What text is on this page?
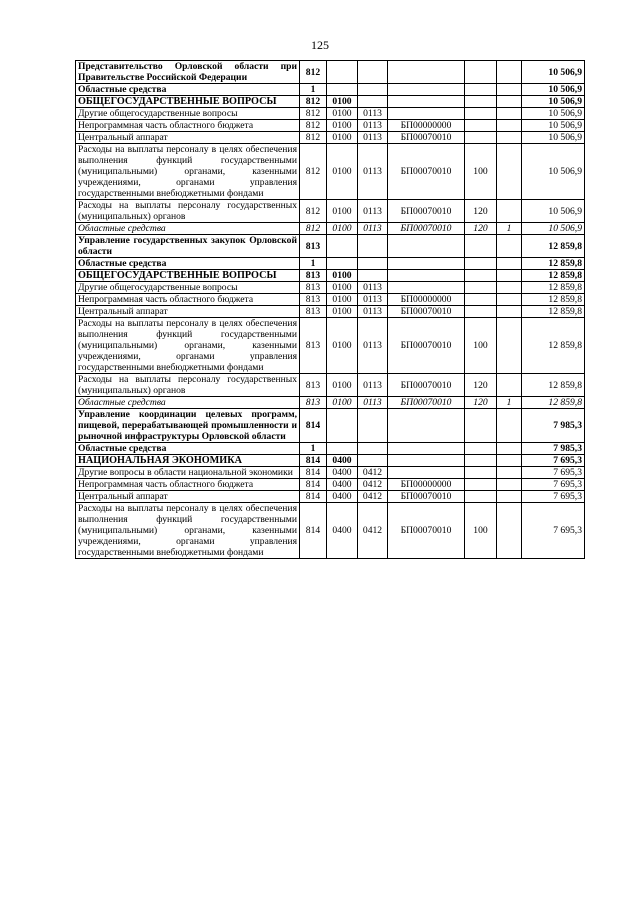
125
Представительство Орловской области при Правительстве Российской Федерации	812						10 506,9
Областные средства	1						10 506,9
ОБЩЕГОСУДАРСТВЕННЫЕ ВОПРОСЫ	812	0100					10 506,9
Другие общегосударственные вопросы	812	0100	0113				10 506,9
Непрограммная часть областного бюджета	812	0100	0113	БП00000000			10 506,9
Центральный аппарат	812	0100	0113	БП00070010			10 506,9
Расходы на выплаты персоналу в целях обеспечения выполнения функций государственными (муниципальными) органами, казенными учреждениями, органами управления государственными внебюджетными фондами	812	0100	0113	БП00070010	100		10 506,9
Расходы на выплаты персоналу государственных (муниципальных) органов	812	0100	0113	БП00070010	120		10 506,9
Областные средства	812	0100	0113	БП00070010	120	1	10 506,9
Управление государственных закупок Орловской области	813						12 859,8
Областные средства	1						12 859,8
ОБЩЕГОСУДАРСТВЕННЫЕ ВОПРОСЫ	813	0100					12 859,8
Другие общегосударственные вопросы	813	0100	0113				12 859,8
Непрограммная часть областного бюджета	813	0100	0113	БП00000000			12 859,8
Центральный аппарат	813	0100	0113	БП00070010			12 859,8
Расходы на выплаты персоналу в целях обеспечения выполнения функций государственными (муниципальными) органами, казенными учреждениями, органами управления государственными внебюджетными фондами	813	0100	0113	БП00070010	100		12 859,8
Расходы на выплаты персоналу государственных (муниципальных) органов	813	0100	0113	БП00070010	120		12 859,8
Областные средства	813	0100	0113	БП00070010	120	1	12 859,8
Управление координации целевых программ, пищевой, перерабатывающей промышленности и рыночной инфраструктуры Орловской области	814						7 985,3
Областные средства	1						7 985,3
НАЦИОНАЛЬНАЯ ЭКОНОМИКА	814	0400					7 695,3
Другие вопросы в области национальной экономики	814	0400	0412				7 695,3
Непрограммная часть областного бюджета	814	0400	0412	БП00000000			7 695,3
Центральный аппарат	814	0400	0412	БП00070010			7 695,3
Расходы на выплаты персоналу в целях обеспечения выполнения функций государственными (муниципальными) органами, казенными учреждениями, органами управления государственными внебюджетными фондами	814	0400	0412	БП00070010	100		7 695,3
